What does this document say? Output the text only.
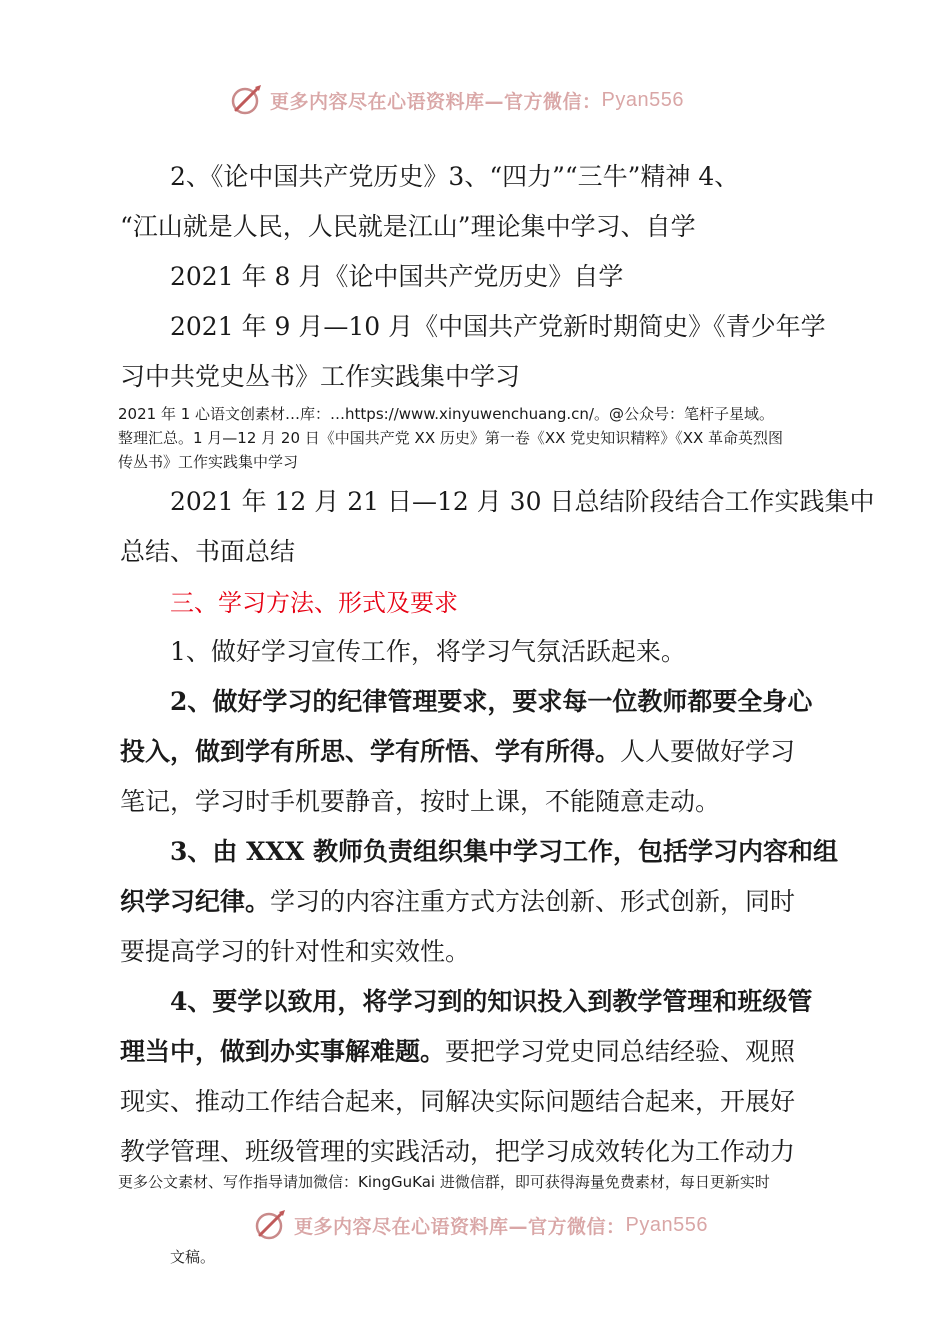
更多内容尽在心语资料库—官方微信： Pyan556
2、《论中国共产党历史》3、“四力”“三牛”精神 4、
“江山就是人民，人民就是江山”理论集中学习、自学
2021 年 8 月《论中国共产党历史》自学
2021 年 9 月—10 月《中国共产党新时期简史》《青少年学
习中共党史丛书》工作实践集中学习
2021 年 1 心语文创素材…库：…https://www.xinyuwenchuang.cn/。@公众号：笔杆子星域。
整理汇总。1 月—12 月 20 日《中国共产党 XX 历史》第一卷《XX 党史知识精粹》《XX 革命英烈图
传丛书》工作实践集中学习
2021 年 12 月 21 日—12 月 30 日总结阶段结合工作实践集中
总结、书面总结
三、学习方法、形式及要求
1、做好学习宣传工作，将学习气氛活跃起来。
2、做好学习的纪律管理要求，要求每一位教师都要全身心
投入，做到学有所思、学有所悟、学有所得。人人要做好学习
笔记，学习时手机要静音，按时上课，不能随意走动。
3、由 XXX 教师负责组织集中学习工作，包括学习内容和组
织学习纪律。学习的内容注重方式方法创新、形式创新，同时
要提高学习的针对性和实效性。
4、要学以致用，将学习到的知识投入到教学管理和班级管
理当中，做到办实事解难题。要把学习党史同总结经验、观照
现实、推动工作结合起来，同解决实际问题结合起来，开展好
教学管理、班级管理的实践活动，把学习成效转化为工作动力
更多公文素材、写作指导请加微信：KingGuKai 进微信群，即可获得海量免费素材，每日更新实时
更多内容尽在心语资料库—官方微信： Pyan556
文稿。
